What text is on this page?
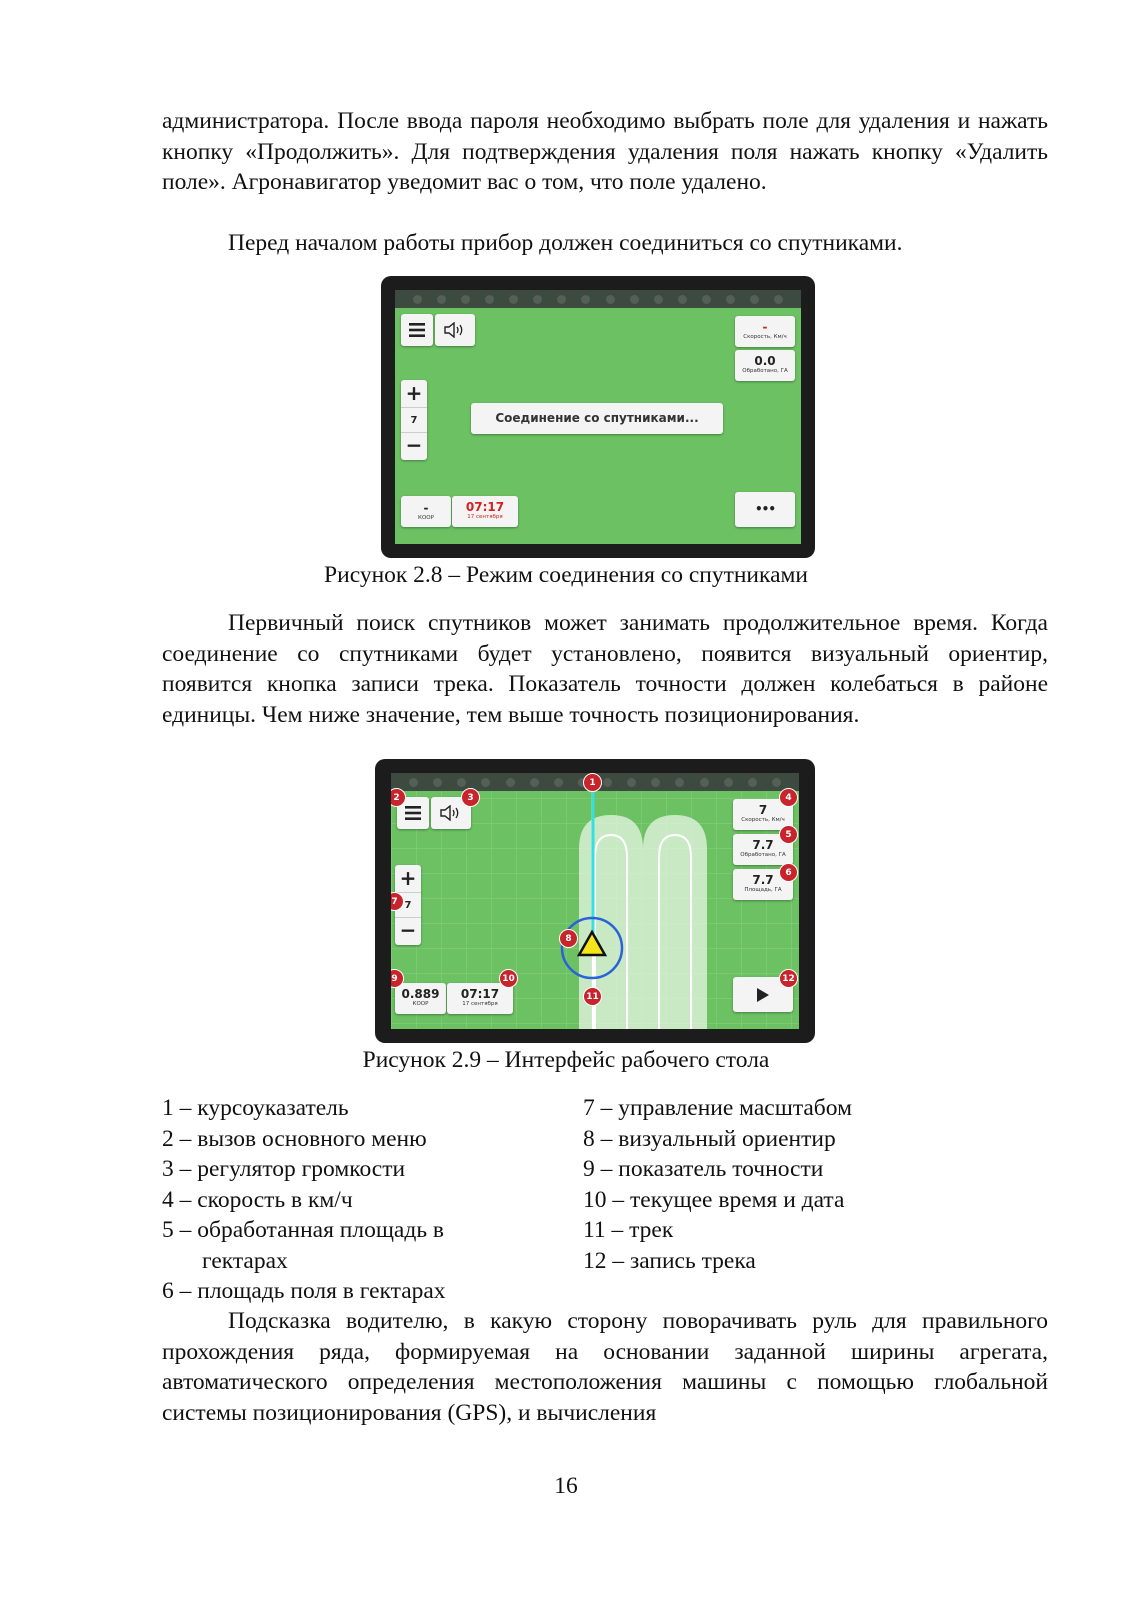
администратора. После ввода пароля необходимо выбрать поле для удаления и нажать кнопку «Продолжить». Для подтверждения удаления поля нажать кнопку «Удалить поле». Агронавигатор уведомит вас о том, что поле удалено.

Перед началом работы прибор должен соединиться со спутниками.

-
Скорость, Км/ч
0.0
Обработано, ГА
+
7
−
Соединение со спутниками...
-
КООР
07:17
17 сентября
•••
Рисунок 2.8 – Режим соединения со спутниками

Первичный поиск спутников может занимать продолжительное время. Когда соединение со спутниками будет установлено, появится визуальный ориентир, появится кнопка записи трека. Показатель точности должен колебаться в районе единицы. Чем ниже значение, тем выше точность позиционирования.

7
Скорость, Км/ч
7.7
Обработано, ГА
7.7
Площадь, ГА
+
7
−
0.889
КООР
07:17
17 сентября
1
2	3	4
5
6
7
8
9	10
11
12
Рисунок 2.9 – Интерфейс рабочего стола
1 – курсоуказатель
2 – вызов основного меню
3 – регулятор громкости
4 – скорость в км/ч
5 – обработанная площадь в
гектарах
6 – площадь поля в гектарах
7 – управление масштабом
8 – визуальный ориентир
9 – показатель точности
10 – текущее время и дата
11 – трек
12 – запись трека

Подсказка водителю, в какую сторону поворачивать руль для правильного прохождения ряда, формируемая на основании заданной ширины агрегата, автоматического определения местоположения машины с помощью глобальной системы позиционирования (GPS), и вычисления

16
